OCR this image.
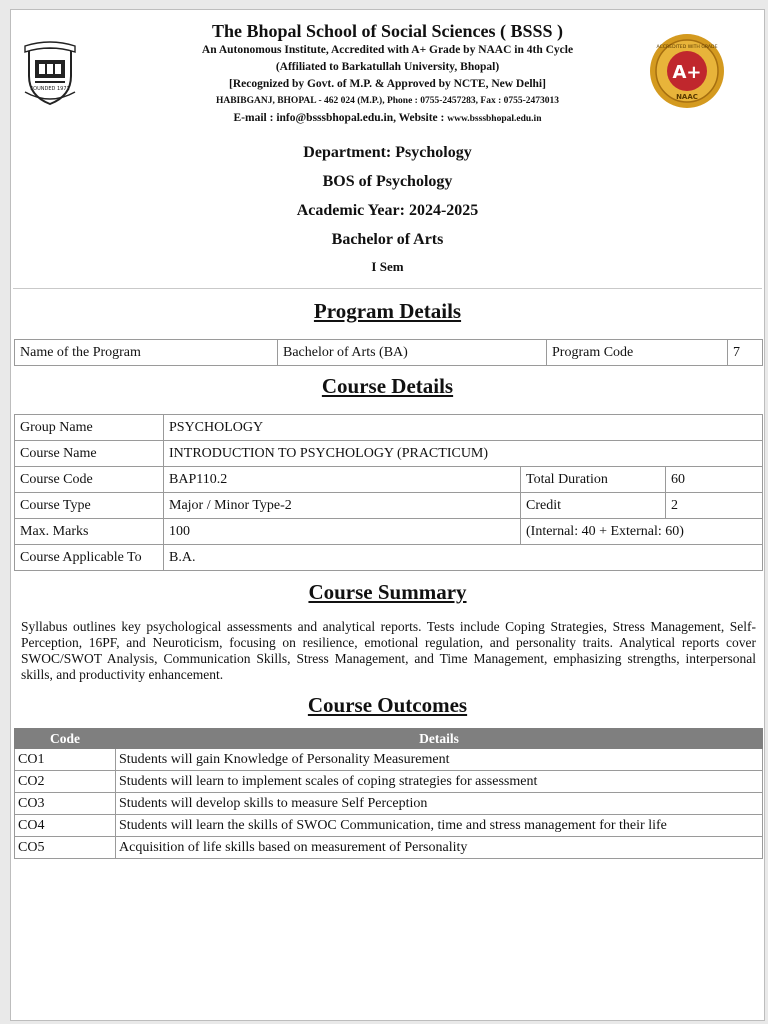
FOUNDED 1971
The Bhopal School of Social Sciences ( BSSS )
An Autonomous Institute, Accredited with A+ Grade by NAAC in 4th Cycle
(Affiliated to Barkatullah University, Bhopal)
[Recognized by Govt. of M.P. & Approved by NCTE, New Delhi]
HABIBGANJ, BHOPAL - 462 024 (M.P.), Phone : 0755-2457283, Fax : 0755-2473013
E-mail : info@bsssbhopal.edu.in, Website : www.bsssbhopal.edu.in
A+
ACCREDITED WITH GRADE
NAAC
Department: Psychology
BOS of Psychology
Academic Year: 2024-2025
Bachelor of Arts
I Sem
Program Details
Name of the Program	Bachelor of Arts (BA)	Program Code	7
Course Details
Group Name	PSYCHOLOGY		
Course Name	INTRODUCTION TO PSYCHOLOGY (PRACTICUM)		
Course Code	BAP110.2	Total Duration	60
Course Type	Major / Minor Type-2	Credit	2
Max. Marks	100	(Internal: 40 + External: 60)	
Course Applicable To	B.A.		
Course Summary
Syllabus outlines key psychological assessments and analytical reports. Tests include Coping Strategies, Stress Management, Self-Perception, 16PF, and Neuroticism, focusing on resilience, emotional regulation, and personality traits. Analytical reports cover SWOC/SWOT Analysis, Communication Skills, Stress Management, and Time Management, emphasizing strengths, interpersonal skills, and productivity enhancement.
Course Outcomes
Code	Details
CO1	Students will gain Knowledge of Personality Measurement
CO2	Students will learn to implement scales of coping strategies for assessment
CO3	Students will develop skills to measure Self Perception
CO4	Students will learn the skills of SWOC Communication, time and stress management for their life
CO5	Acquisition of life skills based on measurement of Personality
